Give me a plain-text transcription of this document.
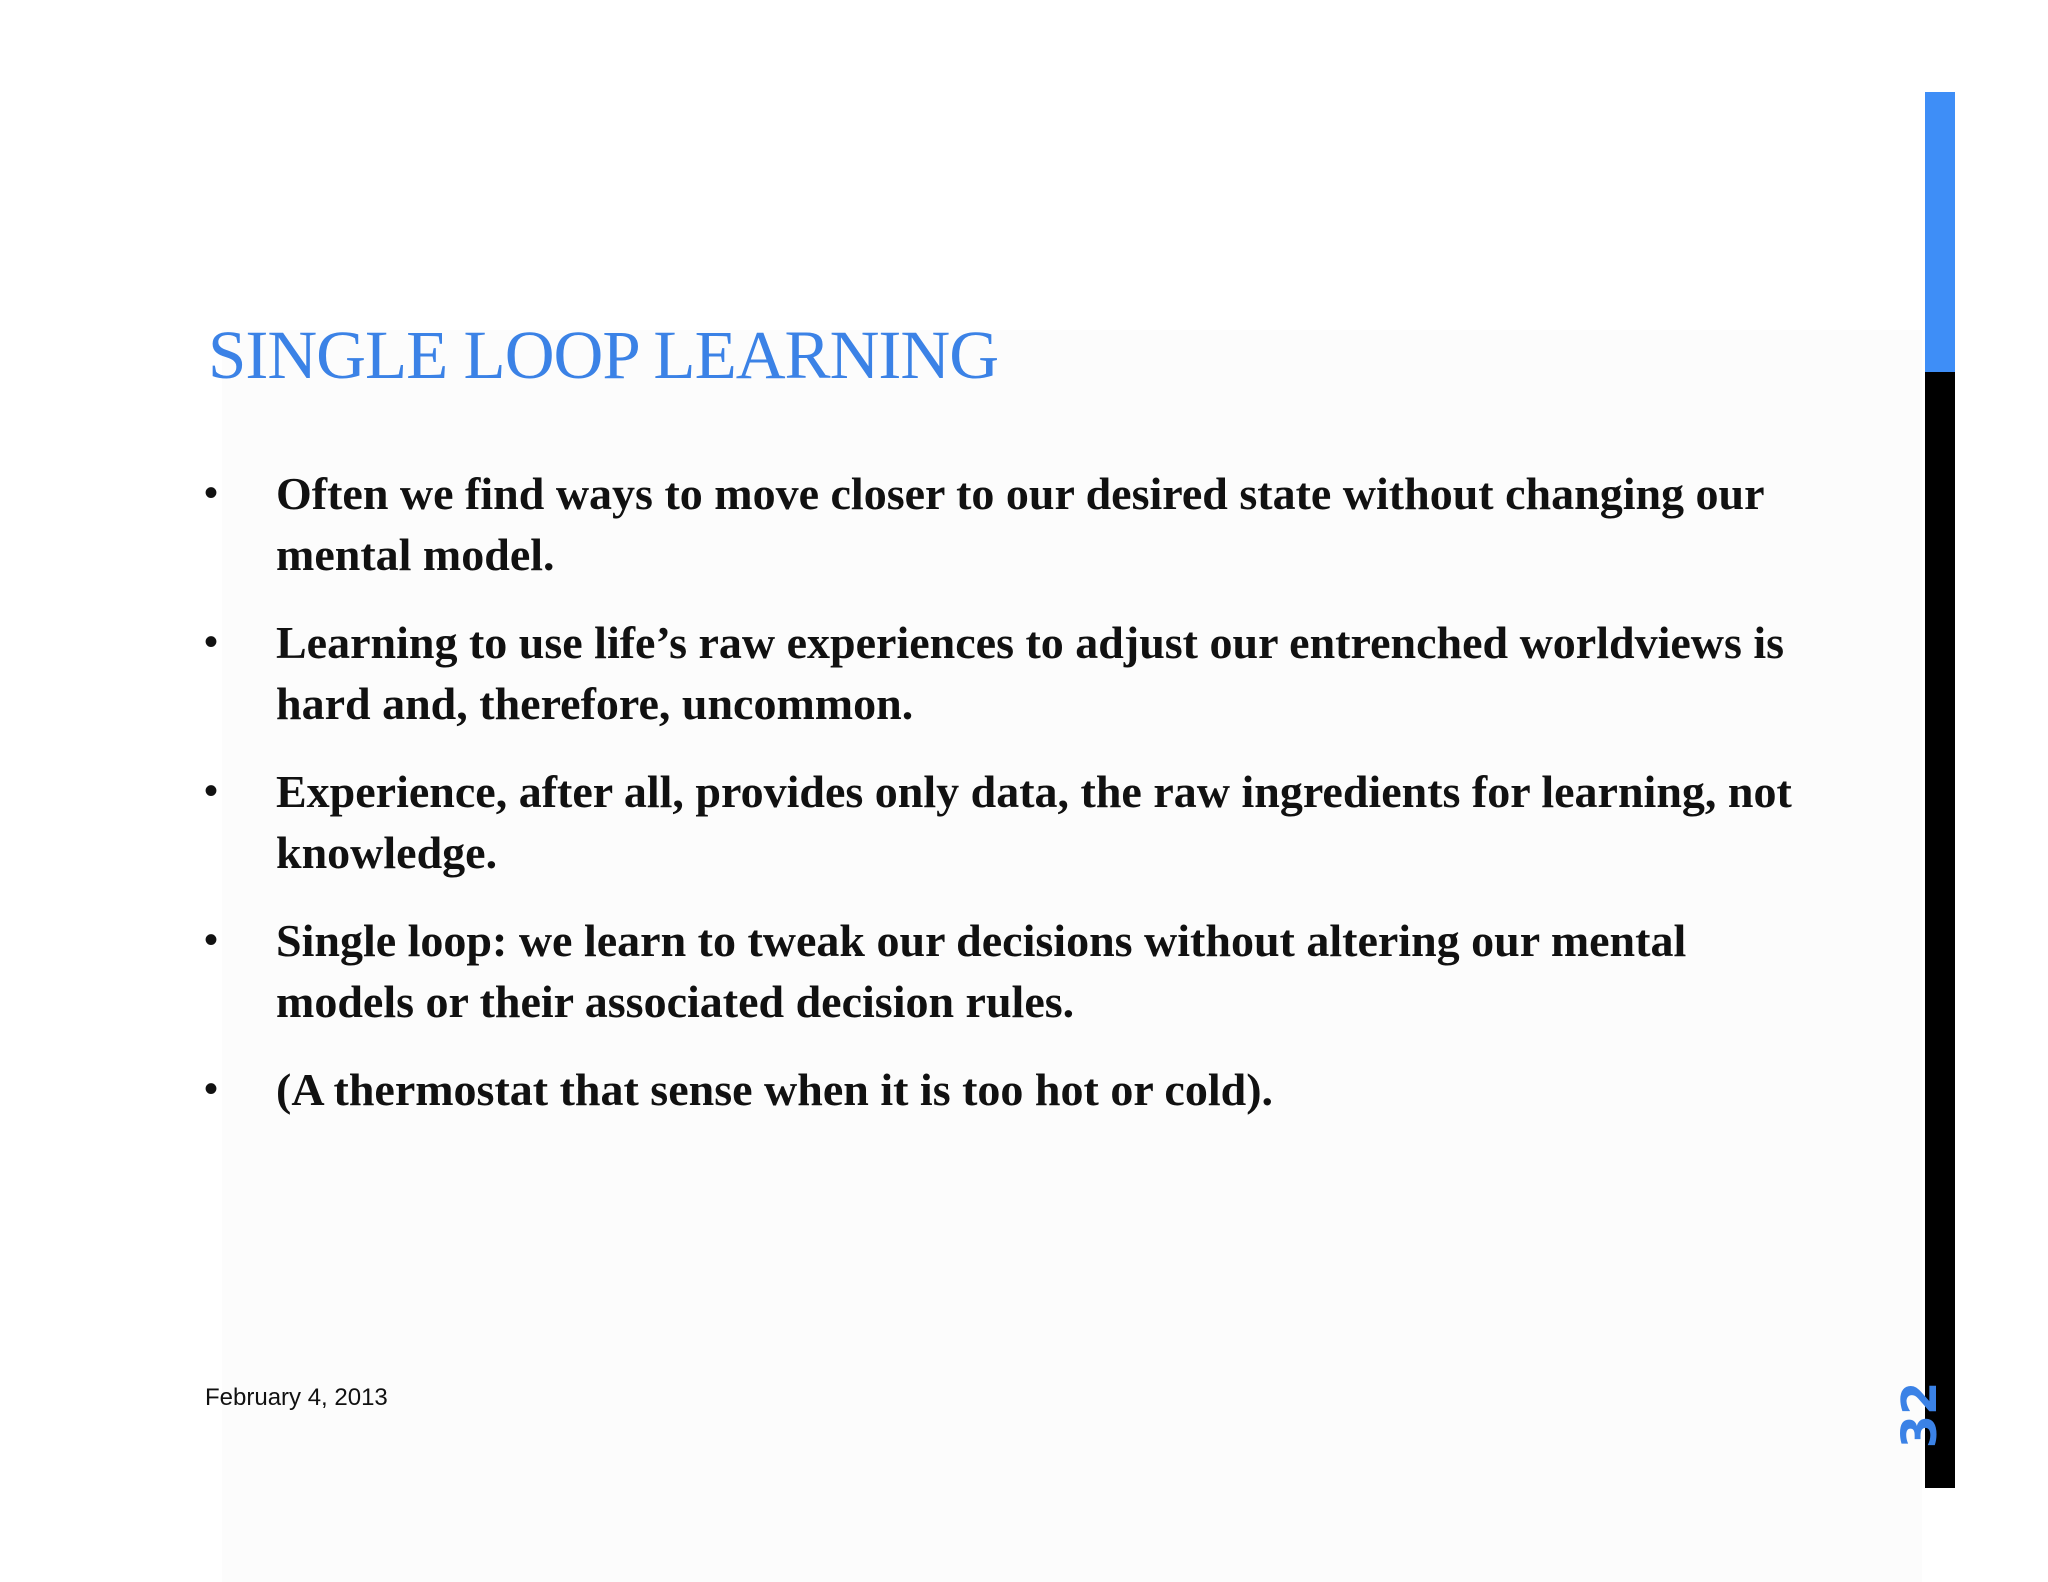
SINGLE LOOP LEARNING
• Often we find ways to move closer to our desired state without changing our mental model.
• Learning to use life’s raw experiences to adjust our entrenched worldviews is hard and, therefore, uncommon.
• Experience, after all, provides only data, the raw ingredients for learning, not knowledge.
• Single loop: we learn to tweak our decisions without altering our mental models or their associated decision rules.
• (A thermostat that sense when it is too hot or cold).
February 4, 2013	32
